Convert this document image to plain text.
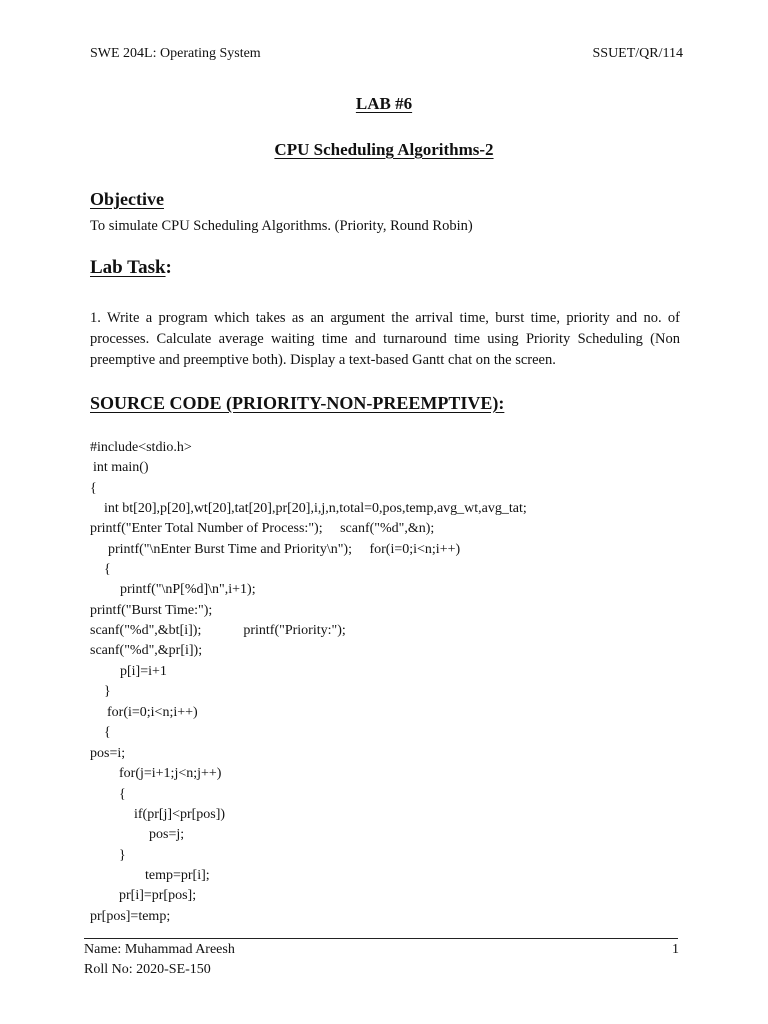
SWE 204L: Operating System	SSUET/QR/114
LAB #6
CPU Scheduling Algorithms-2
Objective
To simulate CPU Scheduling Algorithms. (Priority, Round Robin)
Lab Task:
1. Write a program which takes as an argument the arrival time, burst time, priority and no. of processes. Calculate average waiting time and turnaround time using Priority Scheduling (Non preemptive and preemptive both). Display a text-based Gantt chat on the screen.
SOURCE CODE (PRIORITY-NON-PREEMPTIVE):
#include<stdio.h>
int main()
{
int bt[20],p[20],wt[20],tat[20],pr[20],i,j,n,total=0,pos,temp,avg_wt,avg_tat;
printf("Enter Total Number of Process:");     scanf("%d",&n);
printf("\nEnter Burst Time and Priority\n");     for(i=0;i<n;i++)
{
printf("\nP[%d]\n",i+1);
printf("Burst Time:");
scanf("%d",&bt[i]);            printf("Priority:");
scanf("%d",&pr[i]);
p[i]=i+1
}
for(i=0;i<n;i++)
{
pos=i;
for(j=i+1;j<n;j++)
{
if(pr[j]<pr[pos])
pos=j;
}
temp=pr[i];
pr[i]=pr[pos];
pr[pos]=temp;
Name: Muhammad Areesh
Roll No: 2020-SE-150
1
